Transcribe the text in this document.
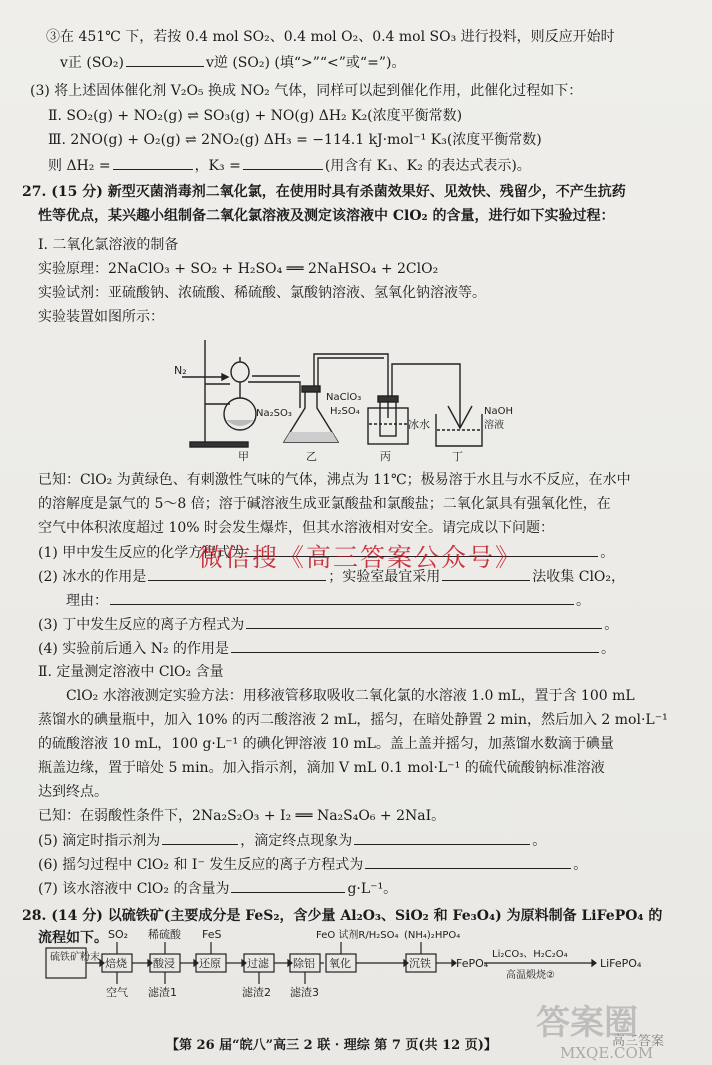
③在 451℃ 下，若按 0.4 mol SO₂、0.4 mol O₂、0.4 mol SO₃ 进行投料，则反应开始时
v正 (SO₂)	v逆 (SO₂) (填“>”“<”或“=”)。
(3) 将上述固体催化剂 V₂O₅ 换成 NO₂ 气体，同样可以起到催化作用，此催化过程如下：
Ⅱ. SO₂(g) + NO₂(g) ⇌ SO₃(g) + NO(g) ΔH₂ K₂(浓度平衡常数)
Ⅲ. 2NO(g) + O₂(g) ⇌ 2NO₂(g) ΔH₃ = −114.1 kJ·mol⁻¹ K₃(浓度平衡常数)
则 ΔH₂ =	，K₃ =	(用含有 K₁、K₂ 的表达式表示)。
27. (15 分) 新型灭菌消毒剂二氧化氯，在使用时具有杀菌效果好、见效快、残留少，不产生抗药
性等优点，某兴趣小组制备二氧化氯溶液及测定该溶液中 ClO₂ 的含量，进行如下实验过程：
Ⅰ. 二氧化氯溶液的制备
实验原理：2NaClO₃ + SO₂ + H₂SO₄ ══ 2NaHSO₄ + 2ClO₂
实验试剂：亚硫酸钠、浓硫酸、稀硫酸、氯酸钠溶液、氢氧化钠溶液等。
实验装置如图所示：
N₂
Na₂SO₃
NaClO₃
H₂SO₄
冰水
NaOH
溶液
甲	乙	丙	丁
已知：ClO₂ 为黄绿色、有刺激性气味的气体，沸点为 11℃；极易溶于水且与水不反应，在水中
的溶解度是氯气的 5～8 倍；溶于碱溶液生成亚氯酸盐和氯酸盐；二氧化氯具有强氧化性，在
空气中体积浓度超过 10% 时会发生爆炸，但其水溶液相对安全。请完成以下问题：
(1) 甲中发生反应的化学方程式为	。
(2) 冰水的作用是	；实验室最宜采用	法收集 ClO₂，
理由：	。
(3) 丁中发生反应的离子方程式为	。
(4) 实验前后通入 N₂ 的作用是	。
Ⅱ. 定量测定溶液中 ClO₂ 含量
ClO₂ 水溶液测定实验方法：用移液管移取吸收二氧化氯的水溶液 1.0 mL，置于含 100 mL
蒸馏水的碘量瓶中，加入 10% 的丙二酸溶液 2 mL，摇匀，在暗处静置 2 min，然后加入 2 mol·L⁻¹
的硫酸溶液 10 mL，100 g·L⁻¹ 的碘化钾溶液 10 mL。盖上盖并摇匀，加蒸馏水数滴于碘量
瓶盖边缘，置于暗处 5 min。加入指示剂，滴加 V mL 0.1 mol·L⁻¹ 的硫代硫酸钠标准溶液
达到终点。
已知：在弱酸性条件下，2Na₂S₂O₃ + I₂ ══ Na₂S₄O₆ + 2NaI。
(5) 滴定时指示剂为	，滴定终点现象为	。
(6) 摇匀过程中 ClO₂ 和 I⁻ 发生反应的离子方程式为	。
(7) 该水溶液中 ClO₂ 的含量为	g·L⁻¹。
28. (14 分) 以硫铁矿(主要成分是 FeS₂，含少量 Al₂O₃、SiO₂ 和 Fe₃O₄) 为原料制备 LiFePO₄ 的
流程如下。
硫铁矿粉末 焙烧 酸浸 还原 过滤 除铝 氧化	沉铁
SO₂ 稀硫酸 FeS	FeO 试剂R/H₂SO₄ (NH₄)₂HPO₄
空气 滤渣1	滤渣2 滤渣3
FePO₄
Li₂CO₃、H₂C₂O₄
高温煅烧②
LiFePO₄
【第 26 届“皖八”高三 2 联 · 理综 第 7 页(共 12 页)】
微信搜《高三答案公众号》
答案圈
高三答案
MXQE.COM
